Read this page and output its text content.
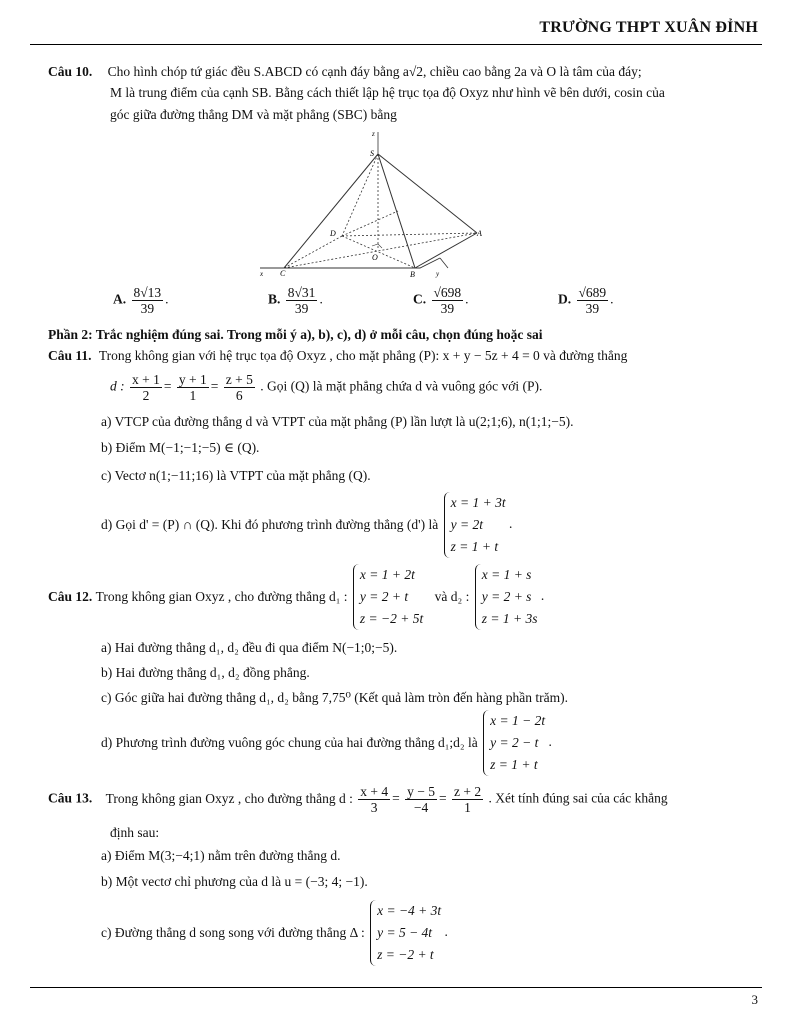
TRƯỜNG THPT XUÂN ĐỈNH
Câu 10. Cho hình chóp tứ giác đều S.ABCD có cạnh đáy bằng a√2, chiều cao bằng 2a và O là tâm của đáy;
M là trung điểm của cạnh SB. Bằng cách thiết lập hệ trục tọa độ Oxyz như hình vẽ bên dưới, cosin của
góc giữa đường thẳng DM và mặt phẳng (SBC) bằng
z
S
D	A
O
C	B
x	y
A. $\frac{8√13}{39}$ .	B. $\frac{8√31}{39}$ .	C. $\frac{√698}{39}$ .	D. $\frac{√689}{39}$ .
Phần 2: Trắc nghiệm đúng sai. Trong mỗi ý a), b), c), d) ở mỗi câu, chọn đúng hoặc sai
Câu 11. Trong không gian với hệ trục tọa độ Oxyz , cho mặt phẳng (P): x + y − 5z + 4 = 0 và đường thẳng
d : $\frac{x + 1}{2} = \frac{y + 1}{1} = \frac{z + 5}{6}$ . Gọi (Q) là mặt phẳng chứa d và vuông góc với (P).
a) VTCP của đường thẳng d và VTPT của mặt phẳng (P) lần lượt là u(2;1;6), n(1;1;−5).
b) Điểm M(−1;−1;−5) ∈ (Q).
c) Vectơ n(1;−11;16) là VTPT của mặt phẳng (Q).
d) Gọi d' = (P) ∩ (Q). Khi đó phương trình đường thẳng (d') là
x = 1 + 3t
y = 2t
z = 1 + t
.
Câu 12. Trong không gian Oxyz , cho đường thẳng d₁ :
x = 1 + 2t
y = 2 + t
z = −2 + 5t
và d₂ :
x = 1 + s
y = 2 + s
z = 1 + 3s
.
a) Hai đường thẳng d₁, d₂ đều đi qua điểm N(−1;0;−5).
b) Hai đường thẳng d₁, d₂ đồng phẳng.
c) Góc giữa hai đường thẳng d₁, d₂ bằng 7,75⁰ (Kết quả làm tròn đến hàng phần trăm).
d) Phương trình đường vuông góc chung của hai đường thẳng d₁;d₂ là
x = 1 − 2t
y = 2 − t
z = 1 + t
.
Câu 13. Trong không gian Oxyz , cho đường thẳng d : $\frac{x + 4}{3} = \frac{y - 5}{-4} = \frac{z + 2}{1}$ . Xét tính đúng sai của các khẳng
định sau:
a) Điểm M(3;−4;1) nằm trên đường thẳng d.
b) Một vectơ chỉ phương của d là u = (−3; 4; −1).
c) Đường thẳng d song song với đường thẳng Δ :
x = −4 + 3t
y = 5 − 4t
z = −2 + t
.
3
